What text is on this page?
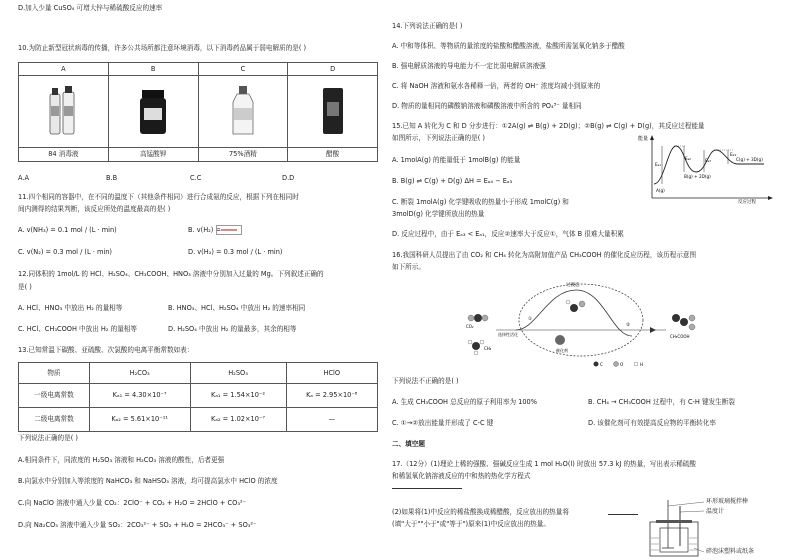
D.加入少量 CuSO₄ 可增大锌与稀硫酸反应的速率
10.为防止新型冠状病毒的传播，许多公共场所都注意环境消毒，以下消毒药品属于弱电解质的是( )
A	B	C	D

84 消毒液	高锰酸钾	75%酒精	醋酸
A.A	B.B	C.C	D.D
11.四个相同的容器中，在不同的温度下（其他条件相同）进行合成氨的反应，根据下列在相同时
间内测得的结果判断，该反应所处的温度最高的是( )
A. v(NH₃) = 0.1 mol / (L · min)	B. v(H₂) =
C. v(N₂) = 0.3 mol / (L · min)	D. v(H₂) = 0.3 mol / (L · min)
12.同体积的 1mol/L 的 HCl、H₂SO₄、CH₃COOH、HNO₃ 溶液中分别加入过量的 Mg。下列叙述正确的
是( )
A. HCl、HNO₃ 中放出 H₂ 的量相等	B. HNO₃、HCl、H₂SO₄ 中放出 H₂ 的速率相同
C. HCl、CH₃COOH 中放出 H₂ 的量相等	D. H₂SO₄ 中放出 H₂ 的量最多，其余的相等
13.已知常温下碳酸、亚硫酸、次氯酸的电离平衡常数如表：
物质	H₂CO₃	H₂SO₃	HClO
一级电离常数	Kₐ₁ = 4.30×10⁻⁷	Kₐ₁ = 1.54×10⁻²	Kₐ = 2.95×10⁻⁸
二级电离常数	Kₐ₂ = 5.61×10⁻¹¹	Kₐ₂ = 1.02×10⁻⁷	—
下列说法正确的是( )
A.相同条件下，同浓度的 H₂SO₃ 溶液和 H₂CO₃ 溶液的酸性，后者更强
B.向氯水中分别加入等浓度的 NaHCO₃ 和 NaHSO₃ 溶液，均可提高氯水中 HClO 的浓度
C.向 NaClO 溶液中通入少量 CO₂：2ClO⁻ + CO₂ + H₂O = 2HClO + CO₃²⁻
D.向 Na₂CO₃ 溶液中通入少量 SO₂：2CO₃²⁻ + SO₂ + H₂O = 2HCO₃⁻ + SO₃²⁻
14.下列说法正确的是( )
A. 中和等体积、等物质的量浓度的盐酸和醋酸溶液，盐酸所需氢氧化钠多于醋酸
B. 强电解质溶液的导电能力不一定比弱电解质溶液强
C. 将 NaOH 溶液和氨水各稀释一倍，两者的 OH⁻ 浓度均减小到原来的
D. 物质的量相同的磷酸钠溶液和磷酸溶液中所含的 PO₄³⁻ 量相同
15.已知 A 转化为 C 和 D 分步进行：①2A(g) ⇌ B(g) + 2D(g)；②B(g) ⇌ C(g) + D(g)，其反应过程能量
如图所示，下列说法正确的是( )
A. 1molA(g) 的能量低于 1molB(g) 的能量
B. B(g) ⇌ C(g) + D(g) ΔH = Eₐ₄ − Eₐ₃
C. 断裂 1molA(g) 化学键吸收的热量小于形成 1molC(g) 和
3molD(g) 化学键所放出的热量
D. 反应过程中，由于 Eₐ₃ < Eₐ₁，反应②速率大于反应①，气体 B 很难大量积累
能量
反应过程
Eₐ₁
Eₐ₂	Eₐ₃
Eₐ₄
A(g)
B(g) + 2D(g)
C(g) + 3D(g)
16.我国科研人员提出了由 CO₂ 和 CH₄ 转化为高附加值产品 CH₃COOH 的催化反应历程，该历程示意图
如下所示。
过渡态
选择性活化
催化剂
CO₂
CH₄
CH₃COOH
①
②
C	O	H
下列说法不正确的是( )
A. 生成 CH₃COOH 总反应的原子利用率为 100%	B. CH₄ → CH₃COOH 过程中，有 C-H 键发生断裂
C. ①→②放出能量并形成了 C-C 键	D. 该催化剂可有效提高反应物的平衡转化率
二、填空题
17.（12分）(1)理论上稀的强酸、强碱反应生成 1 mol H₂O(l) 时放出 57.3 kJ 的热量，写出表示稀硫酸
和稀氢氧化钠溶液反应的中和热的热化学方程式
(2)如果将(1)中反应的稀盐酸换成稀醋酸，反应放出的热量将
(填"大于""小于"或"等于")原来(1)中反应放出的热量。
环形玻璃搅拌棒
温度计
碎泡沫塑料或纸条
